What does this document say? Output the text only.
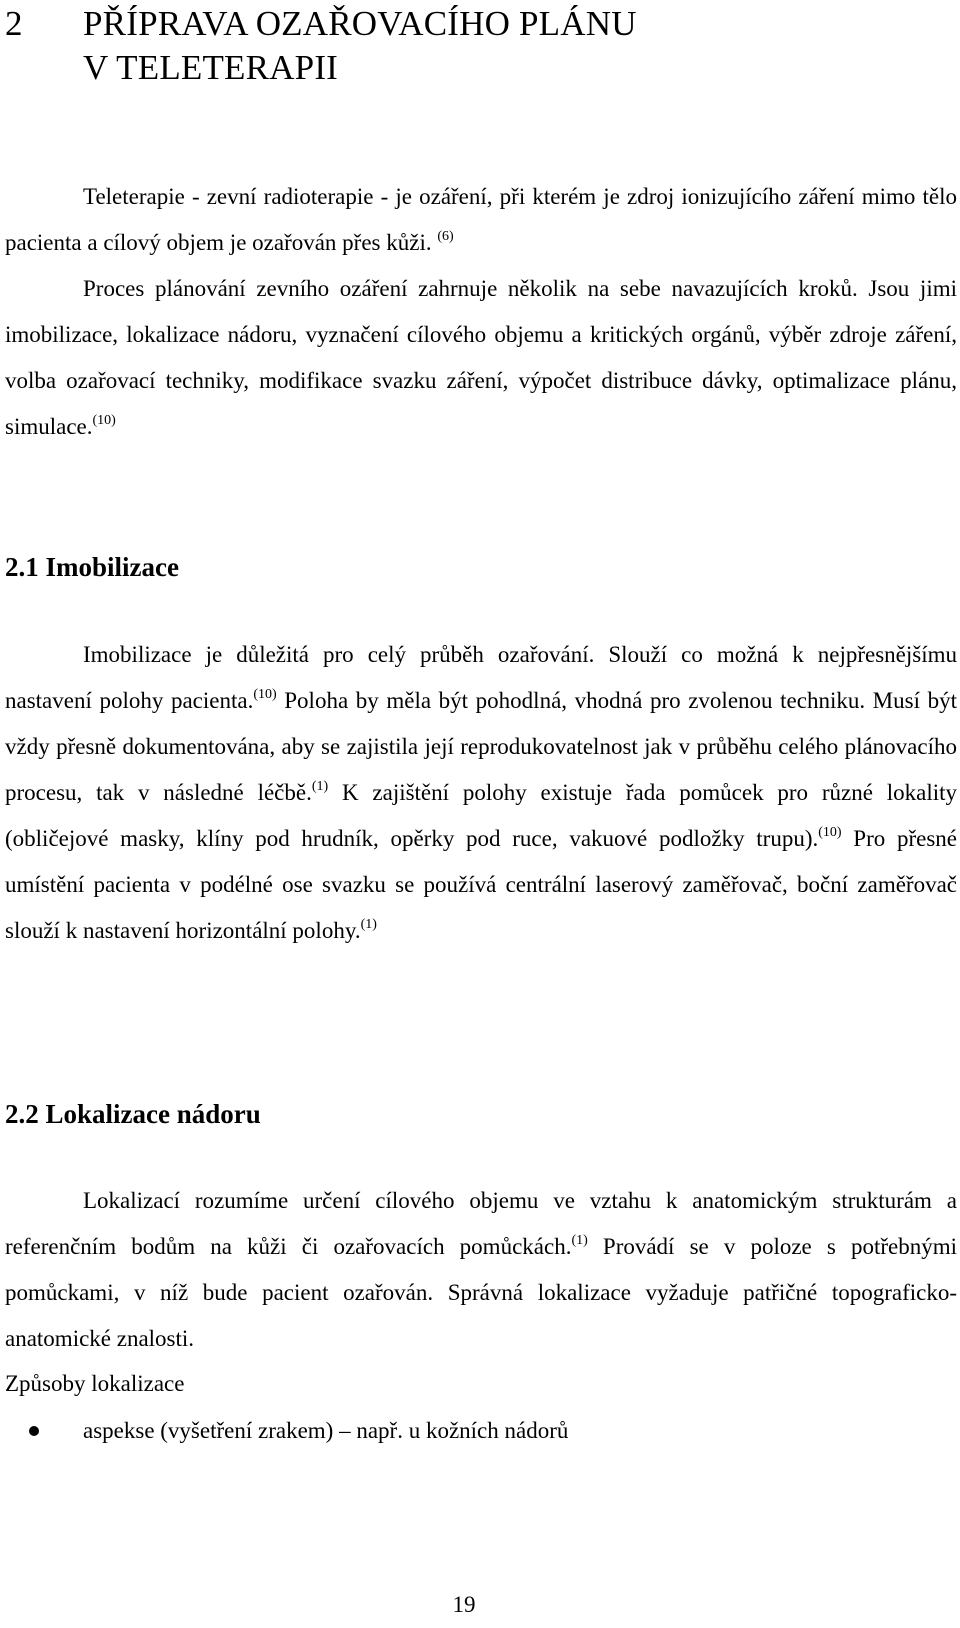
2 PŘÍPRAVA OZAŘOVACÍHO PLÁNU
V TELETERAPII

Teleterapie - zevní radioterapie - je ozáření, při kterém je zdroj ionizujícího záření mimo tělo pacienta a cílový objem je ozařován přes kůži. $^{(6)}$

Proces plánování zevního ozáření zahrnuje několik na sebe navazujících kroků. Jsou jimi imobilizace, lokalizace nádoru, vyznačení cílového objemu a kritických orgánů, výběr zdroje záření, volba ozařovací techniky, modifikace svazku záření, výpočet distribuce dávky, optimalizace plánu, simulace.$^{(10)}$

2.1 Imobilizace

Imobilizace je důležitá pro celý průběh ozařování. Slouží co možná k nejpřesnějšímu nastavení polohy pacienta.$^{(10)}$ Poloha by měla být pohodlná, vhodná pro zvolenou techniku. Musí být vždy přesně dokumentována, aby se zajistila její reprodukovatelnost jak v průběhu celého plánovacího procesu, tak v následné léčbě.$^{(1)}$ K zajištění polohy existuje řada pomůcek pro různé lokality (obličejové masky, klíny pod hrudník, opěrky pod ruce, vakuové podložky trupu).$^{(10)}$ Pro přesné umístění pacienta v podélné ose svazku se používá centrální laserový zaměřovač, boční zaměřovač slouží k nastavení horizontální polohy.$^{(1)}$

2.2 Lokalizace nádoru

Lokalizací rozumíme určení cílového objemu ve vztahu k anatomickým strukturám a referenčním bodům na kůži či ozařovacích pomůckách.$^{(1)}$ Provádí se v poloze s potřebnými pomůckami, v níž bude pacient ozařován. Správná lokalizace vyžaduje patřičné topograficko-anatomické znalosti.

Způsoby lokalizace

aspekse (vyšetření zrakem) – např. u kožních nádorů
19
